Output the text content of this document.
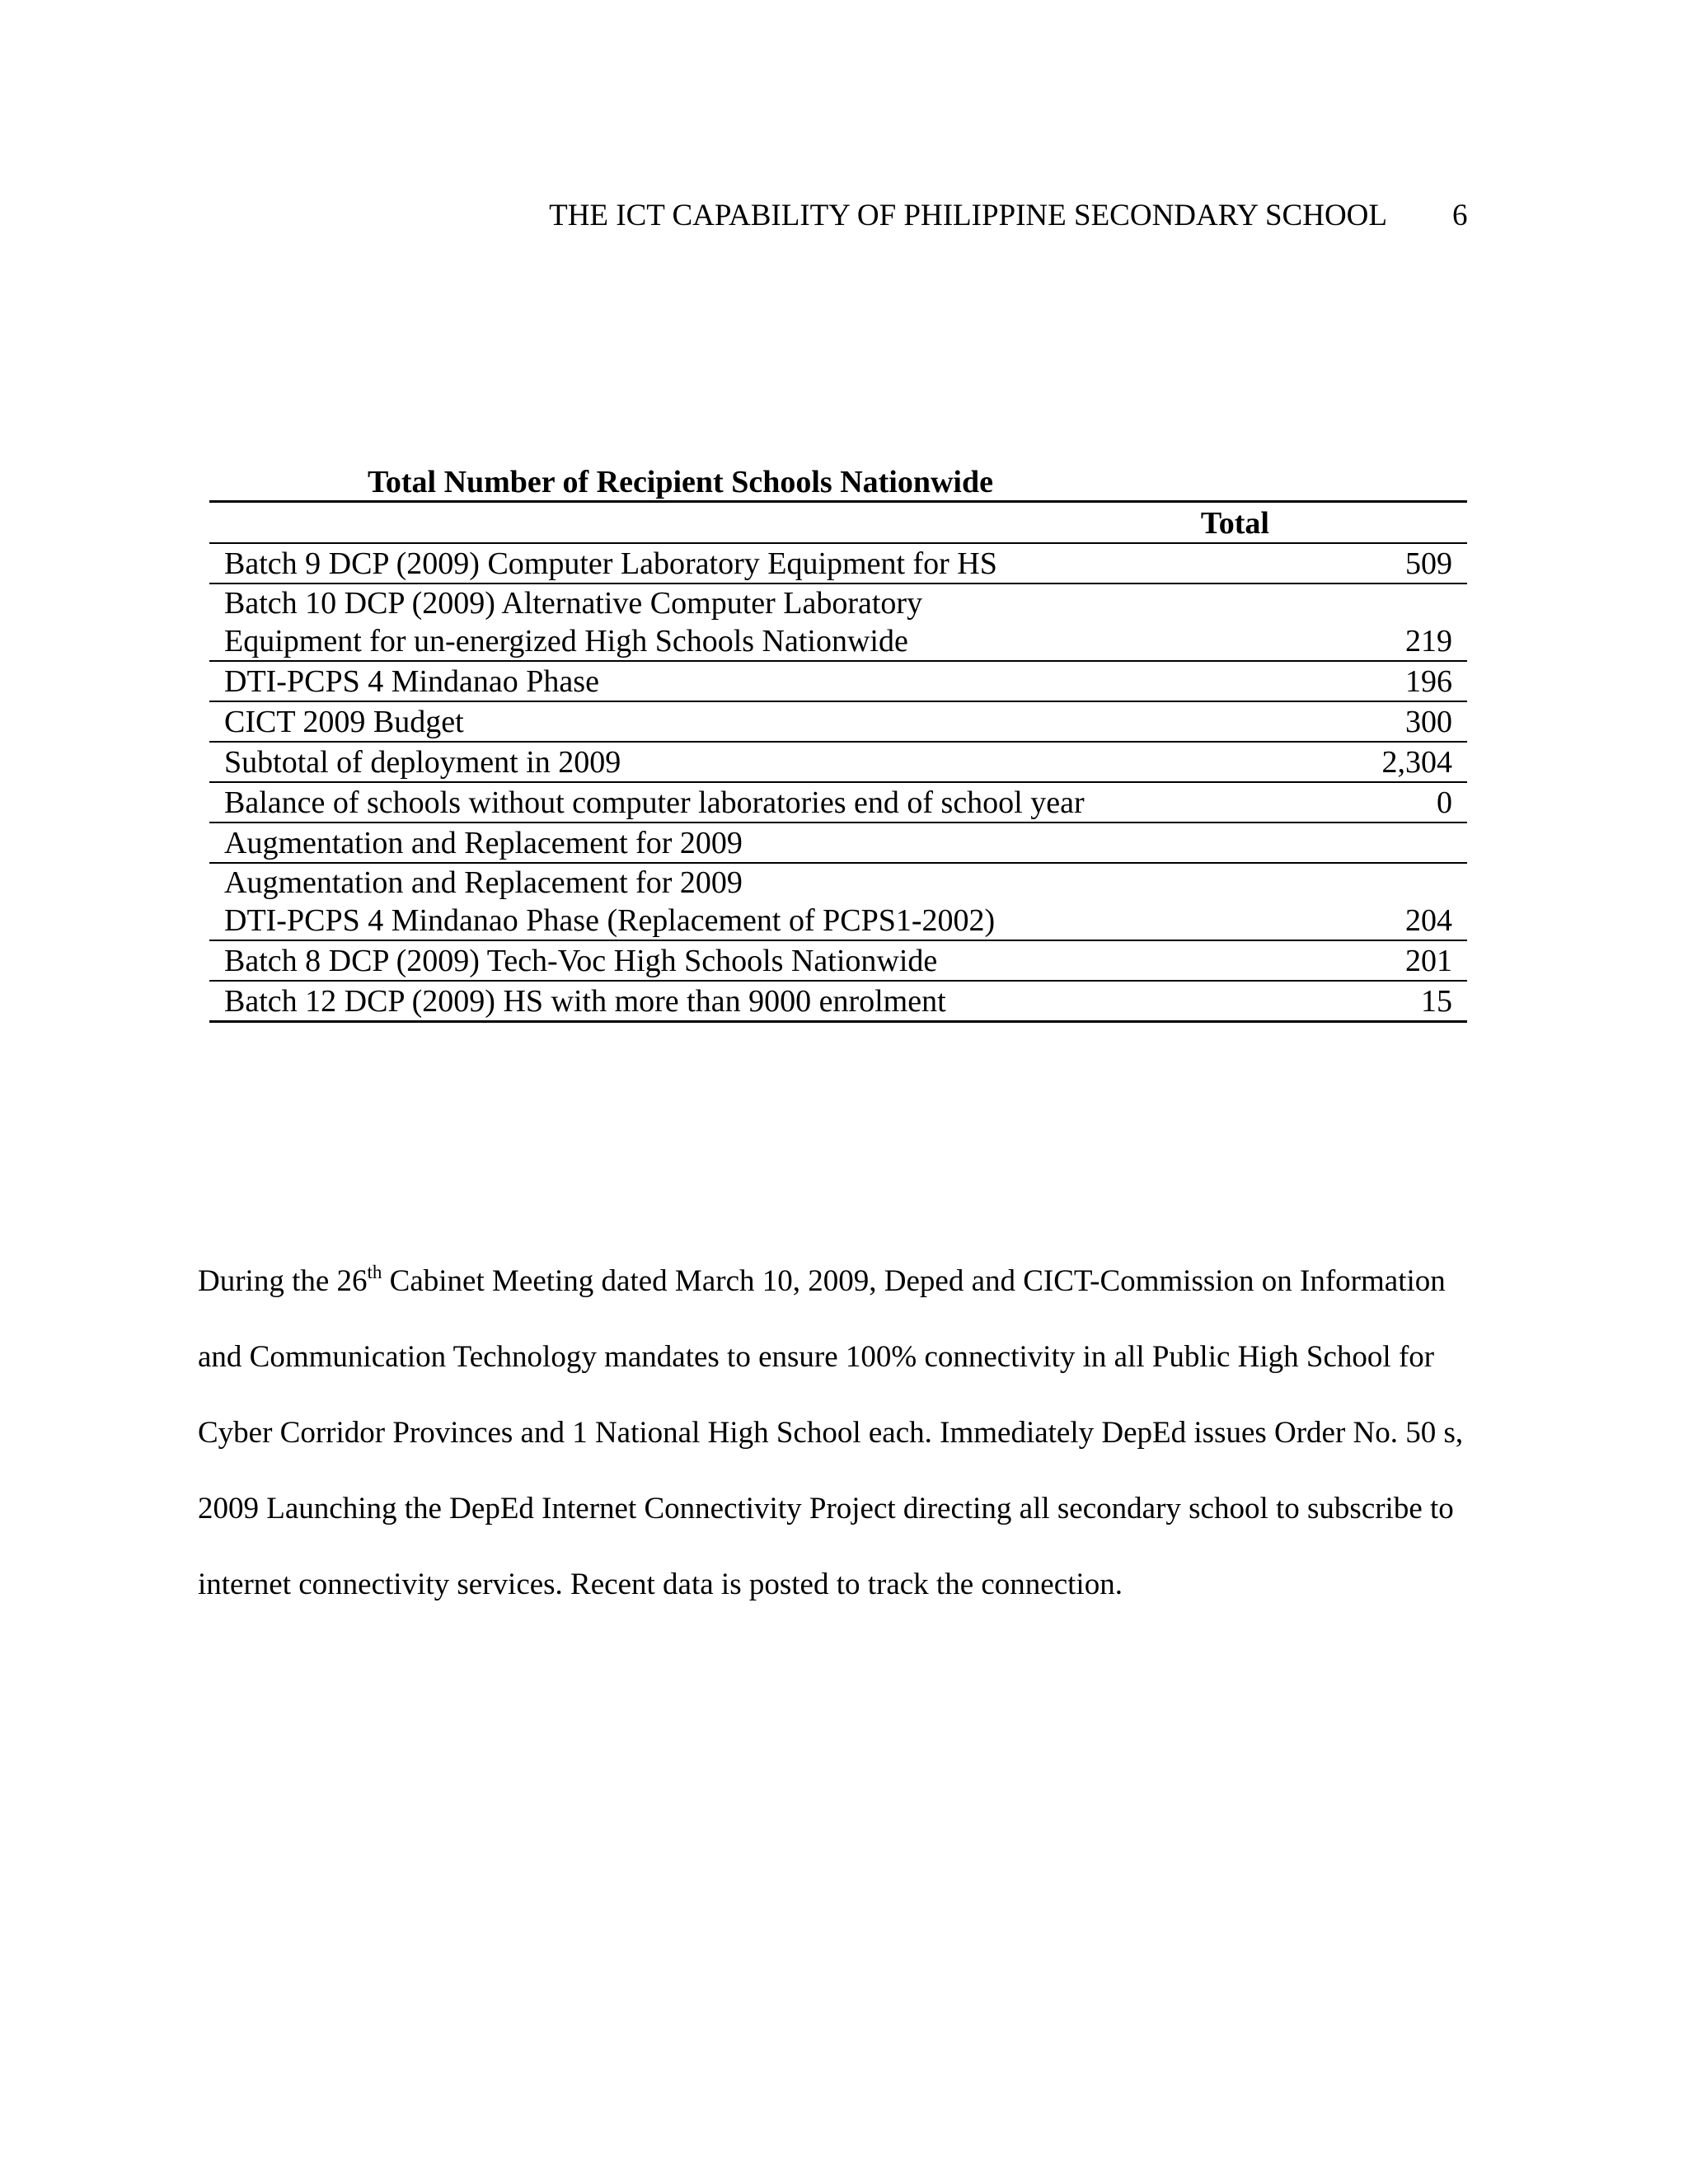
THE ICT CAPABILITY OF PHILIPPINE SECONDARY SCHOOL 6
Total Number of Recipient Schools Nationwide
Total	

Batch 9 DCP (2009) Computer Laboratory Equipment for HS	509

Batch 10 DCP (2009) Alternative Computer Laboratory
Equipment for un-energized High Schools Nationwide	219

DTI-PCPS 4 Mindanao Phase	196

CICT 2009 Budget	300

Subtotal of deployment in 2009	2,304

Balance of schools without computer laboratories end of school year	0

Augmentation and Replacement for 2009	

Augmentation and Replacement for 2009
DTI-PCPS 4 Mindanao Phase (Replacement of PCPS1-2002)	204

Batch 8 DCP (2009) Tech-Voc High Schools Nationwide	201

Batch 12 DCP (2009) HS with more than 9000 enrolment	15

During the 26th Cabinet Meeting dated March 10, 2009, Deped and CICT-Commission on Information and Communication Technology mandates to ensure 100% connectivity in all Public High School for Cyber Corridor Provinces and 1 National High School each. Immediately DepEd issues Order No. 50 s, 2009 Launching the DepEd Internet Connectivity Project directing all secondary school to subscribe to internet connectivity services. Recent data is posted to track the connection.
